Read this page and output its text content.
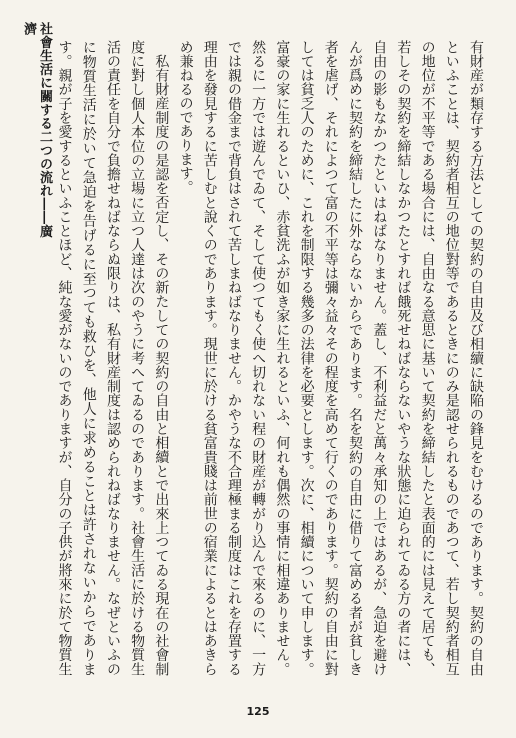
社會生活に關する二つの流れ――廣濟

有財産が類存する方法としての契約の自由及び相續に缺陥の鋒見をむけるのであります。契約の自由といふことは、契約者相互の地位對等であるときにのみ是認せられるものであつて、若し契約者相互の地位が不平等である場合には、自由なる意思に基いて契約を締結したと表面的には見えて居ても、若しその契約を締結しなかつたとすれば餓死せねばならないやうな狀態に迫られてゐる方の者には、自由の影もなかつたといはねばなりません。蓋し、不利益だと萬々承知の上ではあるが、急迫を避けんが爲めに契約を締結したに外ならないからであります。名を契約の自由に借りて富める者が貧しき者を虐げ、それによつて富の不平等は彌々益々その程度を高めて行くのであります。契約の自由に對しては貧乏人のために、これを制限する幾多の法律を必要とします。次に、相續について申します。富豪の家に生れるといひ、赤貧洗ふが如き家に生れるといふ、何れも偶然の事情に相違ありません。然るに一方では遊んでゐて、そして使つてもく使へ切れない程の財産が轉がり込んで來るのに、一方では親の借金まで背負はされて苦しまねばなりません。かやうな不合理極まる制度はこれを存置する理由を發見するに苦しむと說くのであります。現世に於ける貧富貴賤は前世の宿業によるとはあきらめ兼ねるのであります。

私有財産制度の是認を否定し、その新たしての契約の自由と相續とで出來上つてゐる現在の社會制度に對し個人本位の立場に立つ人達は次のやうに考へてゐるのであります。社會生活に於ける物質生活の責任を自分で負擔せねばならぬ限りは、私有財産制度は認められねばなりません。なぜといふのに物質生活に於いて急迫を告げるに至つても救ひを、他人に求めることは許されないからであります。親が子を愛するといふことほど、純な愛がないのでありますが、自分の子供が將來に於て物質生

125
